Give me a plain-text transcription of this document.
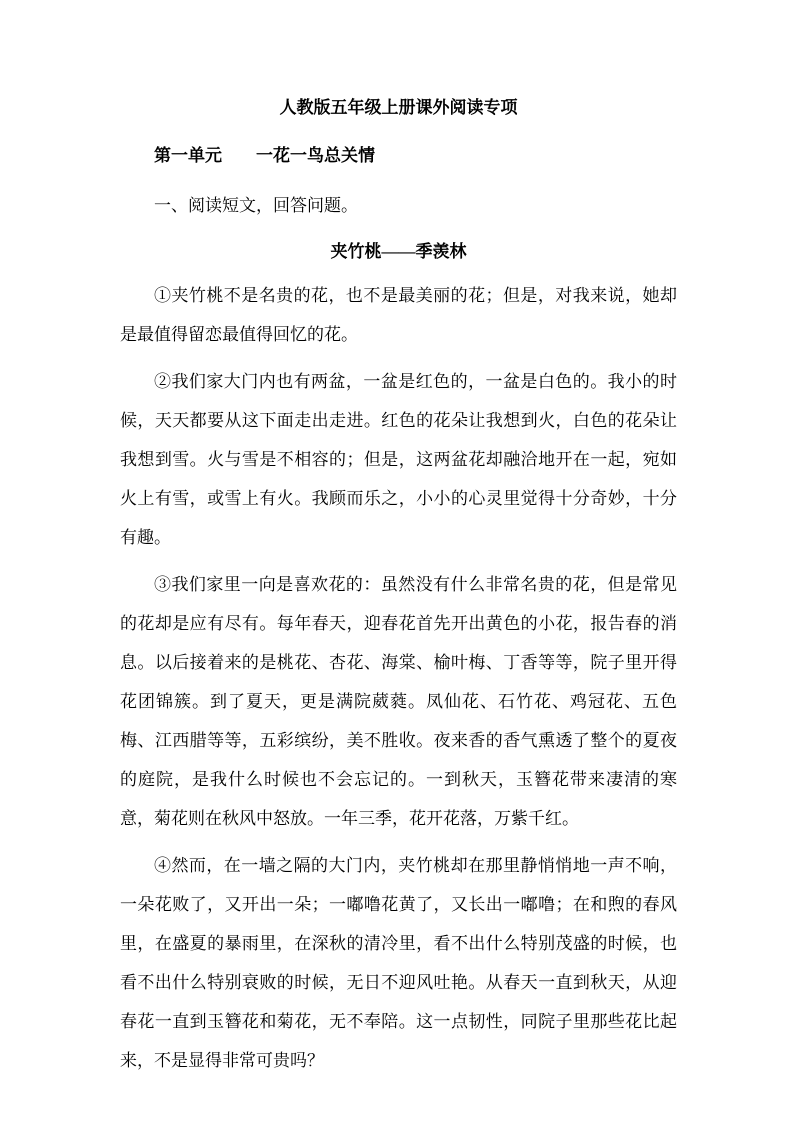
人教版五年级上册课外阅读专项
第一单元　　一花一鸟总关情

一、阅读短文，回答问题。

夹竹桃——季羡林

①夹竹桃不是名贵的花，也不是最美丽的花；但是，对我来说，她却是最值得留恋最值得回忆的花。

②我们家大门内也有两盆，一盆是红色的，一盆是白色的。我小的时候，天天都要从这下面走出走进。红色的花朵让我想到火，白色的花朵让我想到雪。火与雪是不相容的；但是，这两盆花却融洽地开在一起，宛如火上有雪，或雪上有火。我顾而乐之，小小的心灵里觉得十分奇妙，十分有趣。

③我们家里一向是喜欢花的：虽然没有什么非常名贵的花，但是常见的花却是应有尽有。每年春天，迎春花首先开出黄色的小花，报告春的消息。以后接着来的是桃花、杏花、海棠、榆叶梅、丁香等等，院子里开得花团锦簇。到了夏天，更是满院葳蕤。凤仙花、石竹花、鸡冠花、五色梅、江西腊等等，五彩缤纷，美不胜收。夜来香的香气熏透了整个的夏夜的庭院，是我什么时候也不会忘记的。一到秋天，玉簪花带来凄清的寒意，菊花则在秋风中怒放。一年三季，花开花落，万紫千红。

④然而，在一墙之隔的大门内，夹竹桃却在那里静悄悄地一声不响，一朵花败了，又开出一朵；一嘟噜花黄了，又长出一嘟噜；在和煦的春风里，在盛夏的暴雨里，在深秋的清冷里，看不出什么特别茂盛的时候，也看不出什么特别衰败的时候，无日不迎风吐艳。从春天一直到秋天，从迎春花一直到玉簪花和菊花，无不奉陪。这一点韧性，同院子里那些花比起来，不是显得非常可贵吗？
